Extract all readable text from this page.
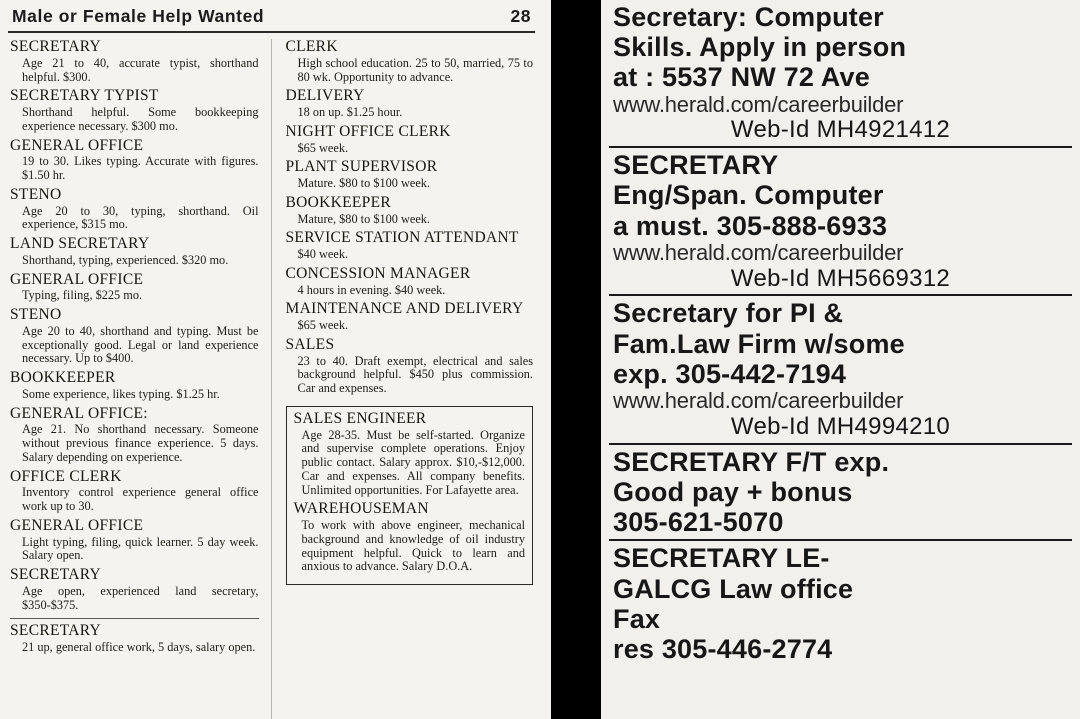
Male or Female Help Wanted	28
SECRETARY
Age 21 to 40, accurate typist, shorthand helpful. $300.
SECRETARY TYPIST
Shorthand helpful. Some bookkeeping experience necessary. $300 mo.
GENERAL OFFICE
19 to 30. Likes typing. Accurate with figures. $1.50 hr.
STENO
Age 20 to 30, typing, shorthand. Oil experience, $315 mo.
LAND SECRETARY
Shorthand, typing, experienced. $320 mo.
GENERAL OFFICE
Typing, filing, $225 mo.
STENO
Age 20 to 40, shorthand and typing. Must be exceptionally good. Legal or land experience necessary. Up to $400.
BOOKKEEPER
Some experience, likes typing. $1.25 hr.
GENERAL OFFICE:
Age 21. No shorthand necessary. Someone without previous finance experience. 5 days. Salary depending on experience.
OFFICE CLERK
Inventory control experience general office work up to 30.
GENERAL OFFICE
Light typing, filing, quick learner. 5 day week. Salary open.
SECRETARY
Age open, experienced land secretary, $350-$375.
SECRETARY
21 up, general office work, 5 days, salary open.
CLERK
High school education. 25 to 50, married, 75 to 80 wk. Opportunity to advance.
DELIVERY
18 on up. $1.25 hour.
NIGHT OFFICE CLERK
$65 week.
PLANT SUPERVISOR
Mature. $80 to $100 week.
BOOKKEEPER
Mature, $80 to $100 week.
SERVICE STATION ATTENDANT
$40 week.
CONCESSION MANAGER
4 hours in evening. $40 week.
MAINTENANCE AND DELIVERY
$65 week.
SALES
23 to 40. Draft exempt, electrical and sales background helpful. $450 plus commission. Car and expenses.
SALES ENGINEER
Age 28-35. Must be self-started. Organize and supervise complete operations. Enjoy public contact. Salary approx. $10,-$12,000. Car and expenses. All company benefits. Unlimited opportunities. For Lafayette area.
WAREHOUSEMAN
To work with above engineer, mechanical background and knowledge of oil industry equipment helpful. Quick to learn and anxious to advance. Salary D.O.A.
Secretary: Computer
Skills. Apply in person
at : 5537 NW 72 Ave
www.herald.com/careerbuilder
Web-Id MH4921412
SECRETARY
Eng/Span. Computer
a must. 305-888-6933
www.herald.com/careerbuilder
Web-Id MH5669312
Secretary for PI &
Fam.Law Firm w/some
exp. 305-442-7194
www.herald.com/careerbuilder
Web-Id MH4994210
SECRETARY F/T exp.
Good pay + bonus
305-621-5070
SECRETARY LE-
GALCG Law office
Fax
res 305-446-2774
